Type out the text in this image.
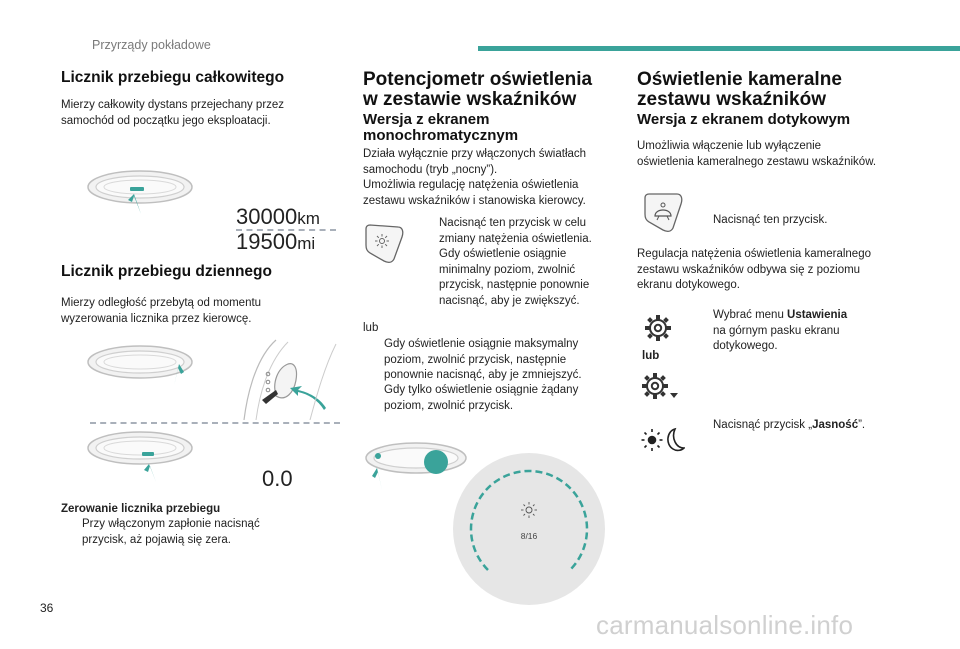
Przyrządy pokładowe
Licznik przebiegu całkowitego
Mierzy całkowity dystans przejechany przez
samochód od początku jego eksploatacji.
30000km
19500mi
Licznik przebiegu dziennego
Mierzy odległość przebytą od momentu
wyzerowania licznika przez kierowcę.
0.0
Zerowanie licznika przebiegu
Przy włączonym zapłonie nacisnąć
przycisk, aż pojawią się zera.
Potencjometr oświetlenia
w zestawie wskaźników
Wersja z ekranem
monochromatycznym
Działa wyłącznie przy włączonych światłach
samochodu (tryb „nocny”).
Umożliwia regulację natężenia oświetlenia
zestawu wskaźników i stanowiska kierowcy.
Nacisnąć ten przycisk w celu
zmiany natężenia oświetlenia.
Gdy oświetlenie osiągnie
minimalny poziom, zwolnić
przycisk, następnie ponownie
nacisnąć, aby je zwiększyć.
lub
Gdy oświetlenie osiągnie maksymalny
poziom, zwolnić przycisk, następnie
ponownie nacisnąć, aby je zmniejszyć.
Gdy tylko oświetlenie osiągnie żądany
poziom, zwolnić przycisk.
8/16
Oświetlenie kameralne
zestawu wskaźników
Wersja z ekranem dotykowym
Umożliwia włączenie lub wyłączenie
oświetlenia kameralnego zestawu wskaźników.
Nacisnąć ten przycisk.
Regulacja natężenia oświetlenia kameralnego
zestawu wskaźników odbywa się z poziomu
ekranu dotykowego.
lub
Wybrać menu Ustawienia
na górnym pasku ekranu
dotykowego.
Nacisnąć przycisk „Jasność”.
36
carmanualsonline.info
